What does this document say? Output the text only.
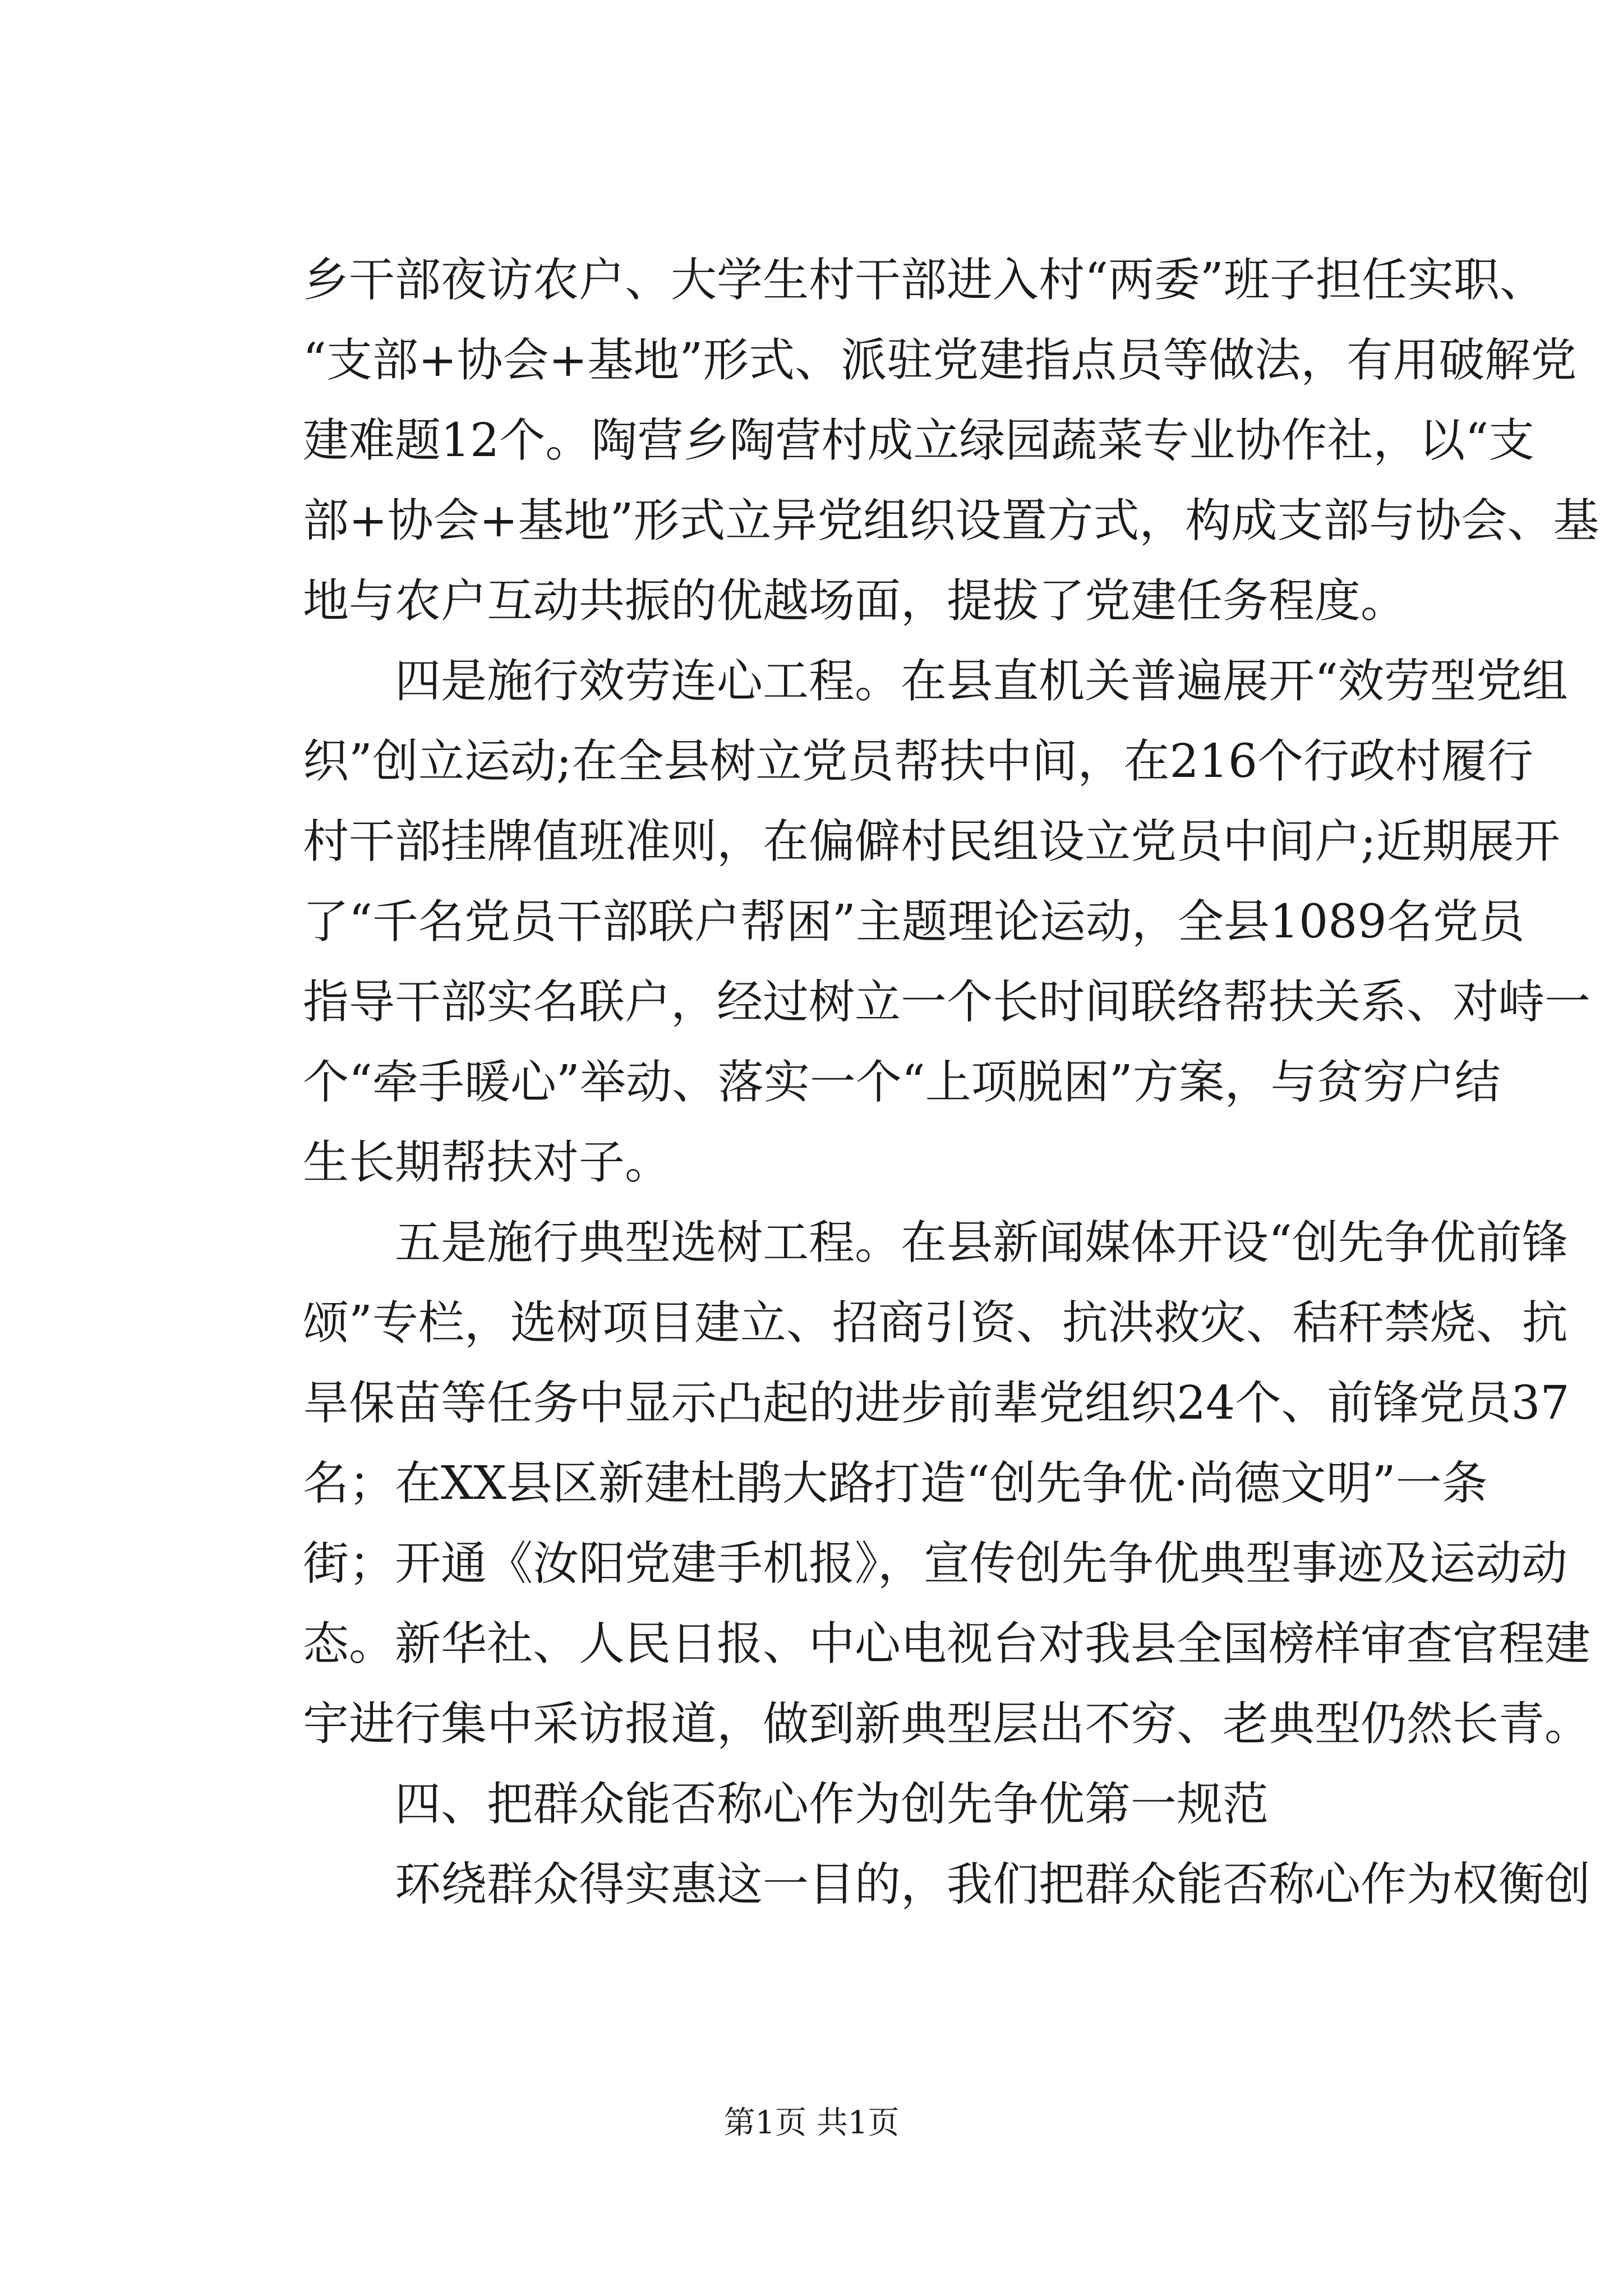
乡干部夜访农户、大学生村干部进入村“两委”班子担任实职、
“支部+协会+基地”形式、派驻党建指点员等做法，有用破解党
建难题12个。陶营乡陶营村成立绿园蔬菜专业协作社，以“支
部+协会+基地”形式立异党组织设置方式，构成支部与协会、基
地与农户互动共振的优越场面，提拔了党建任务程度。
四是施行效劳连心工程。在县直机关普遍展开“效劳型党组
织”创立运动;在全县树立党员帮扶中间，在216个行政村履行
村干部挂牌值班准则，在偏僻村民组设立党员中间户;近期展开
了“千名党员干部联户帮困”主题理论运动，全县1089名党员
指导干部实名联户，经过树立一个长时间联络帮扶关系、对峙一
个“牵手暖心”举动、落实一个“上项脱困”方案，与贫穷户结
生长期帮扶对子。
五是施行典型选树工程。在县新闻媒体开设“创先争优前锋
颂”专栏，选树项目建立、招商引资、抗洪救灾、秸秆禁烧、抗
旱保苗等任务中显示凸起的进步前辈党组织24个、前锋党员37
名；在XX县区新建杜鹃大路打造“创先争优·尚德文明”一条
街；开通《汝阳党建手机报》，宣传创先争优典型事迹及运动动
态。新华社、人民日报、中心电视台对我县全国榜样审查官程建
宇进行集中采访报道，做到新典型层出不穷、老典型仍然长青。
四、把群众能否称心作为创先争优第一规范
环绕群众得实惠这一目的，我们把群众能否称心作为权衡创
第1页 共1页
